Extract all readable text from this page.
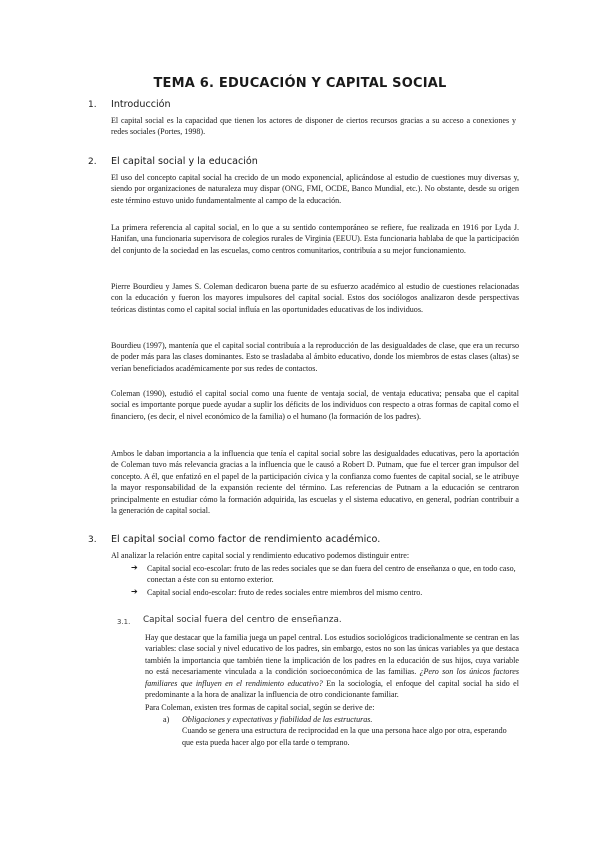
TEMA 6. EDUCACIÓN Y CAPITAL SOCIAL
1. Introducción

El capital social es la capacidad que tienen los actores de disponer de ciertos recursos gracias a su acceso a conexiones y redes sociales (Portes, 1998).

2. El capital social y la educación

El uso del concepto capital social ha crecido de un modo exponencial, aplicándose al estudio de cuestiones muy diversas y, siendo por organizaciones de naturaleza muy dispar (ONG, FMI, OCDE, Banco Mundial, etc.). No obstante, desde su origen este término estuvo unido fundamentalmente al campo de la educación.

La primera referencia al capital social, en lo que a su sentido contemporáneo se refiere, fue realizada en 1916 por Lyda J. Hanifan, una funcionaria supervisora de colegios rurales de Virginia (EEUU). Esta funcionaria hablaba de que la participación del conjunto de la sociedad en las escuelas, como centros comunitarios, contribuía a su mejor funcionamiento.

Pierre Bourdieu y James S. Coleman dedicaron buena parte de su esfuerzo académico al estudio de cuestiones relacionadas con la educación y fueron los mayores impulsores del capital social. Estos dos sociólogos analizaron desde perspectivas teóricas distintas como el capital social influía en las oportunidades educativas de los individuos.

Bourdieu (1997), mantenía que el capital social contribuía a la reproducción de las desigualdades de clase, que era un recurso de poder más para las clases dominantes. Esto se trasladaba al ámbito educativo, donde los miembros de estas clases (altas) se verían beneficiados académicamente por sus redes de contactos.

Coleman (1990), estudió el capital social como una fuente de ventaja social, de ventaja educativa; pensaba que el capital social es importante porque puede ayudar a suplir los déficits de los individuos con respecto a otras formas de capital como el financiero, (es decir, el nivel económico de la familia) o el humano (la formación de los padres).

Ambos le daban importancia a la influencia que tenía el capital social sobre las desigualdades educativas, pero la aportación de Coleman tuvo más relevancia gracias a la influencia que le causó a Robert D. Putnam, que fue el tercer gran impulsor del concepto. A él, que enfatizó en el papel de la participación cívica y la confianza como fuentes de capital social, se le atribuye la mayor responsabilidad de la expansión reciente del término. Las referencias de Putnam a la educación se centraron principalmente en estudiar cómo la formación adquirida, las escuelas y el sistema educativo, en general, podrían contribuir a la generación de capital social.

3. El capital social como factor de rendimiento académico.

Al analizar la relación entre capital social y rendimiento educativo podemos distinguir entre:

➔ Capital social eco-escolar: fruto de las redes sociales que se dan fuera del centro de enseñanza o que, en todo caso, conectan a éste con su entorno exterior.

➔ Capital social endo-escolar: fruto de redes sociales entre miembros del mismo centro.

3.1. Capital social fuera del centro de enseñanza.

Hay que destacar que la familia juega un papel central. Los estudios sociológicos tradicionalmente se centran en las variables: clase social y nivel educativo de los padres, sin embargo, estos no son las únicas variables ya que destaca también la importancia que también tiene la implicación de los padres en la educación de sus hijos, cuya variable no está necesariamente vinculada a la condición socioeconómica de las familias. ¿Pero son los únicos factores familiares que influyen en el rendimiento educativo? En la sociología, el enfoque del capital social ha sido el predominante a la hora de analizar la influencia de otro condicionante familiar.

Para Coleman, existen tres formas de capital social, según se derive de:

a) Obligaciones y expectativas y fiabilidad de las estructuras.
Cuando se genera una estructura de reciprocidad en la que una persona hace algo por otra, esperando que esta pueda hacer algo por ella tarde o temprano.
